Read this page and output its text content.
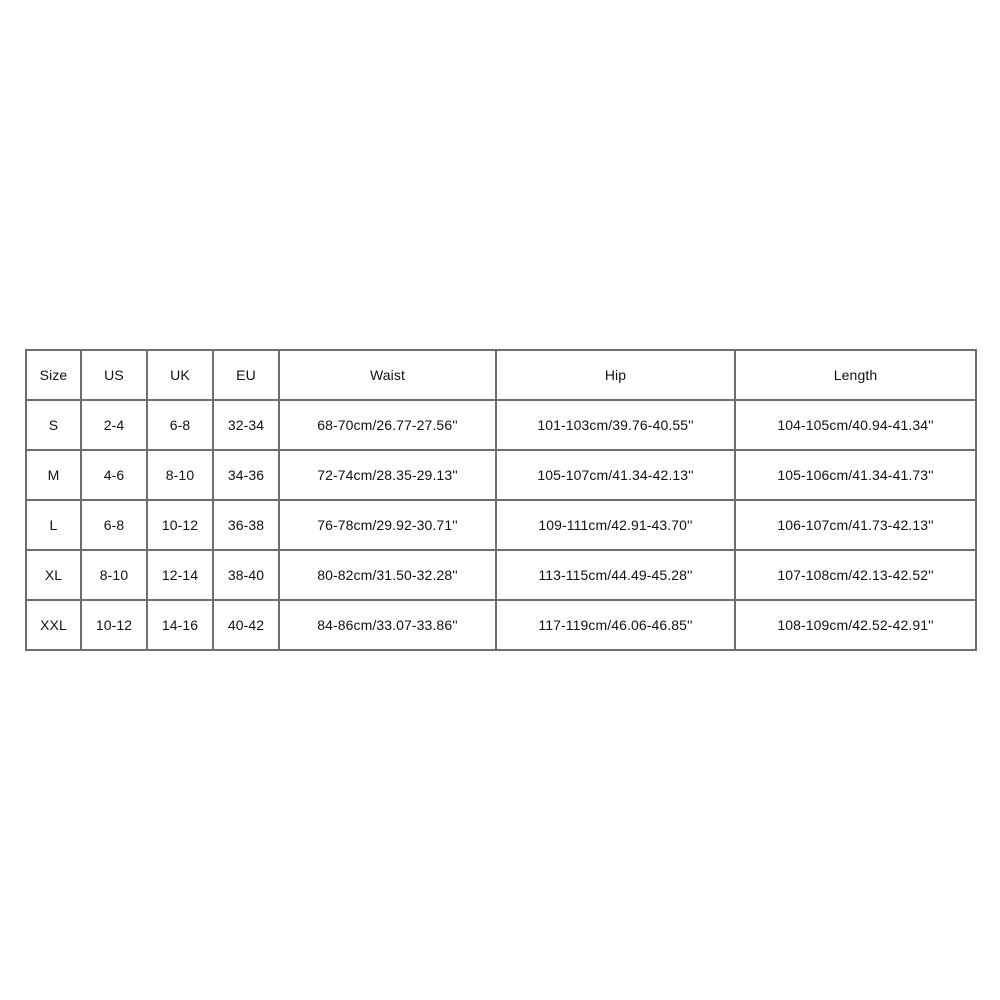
Size	US	UK	EU	Waist	Hip	Length
S	2-4	6-8	32-34	68-70cm/26.77-27.56''	101-103cm/39.76-40.55''	104-105cm/40.94-41.34''
M	4-6	8-10	34-36	72-74cm/28.35-29.13''	105-107cm/41.34-42.13''	105-106cm/41.34-41.73''
L	6-8	10-12	36-38	76-78cm/29.92-30.71''	109-111cm/42.91-43.70''	106-107cm/41.73-42.13''
XL	8-10	12-14	38-40	80-82cm/31.50-32.28''	113-115cm/44.49-45.28''	107-108cm/42.13-42.52''
XXL	10-12	14-16	40-42	84-86cm/33.07-33.86''	117-119cm/46.06-46.85''	108-109cm/42.52-42.91''
